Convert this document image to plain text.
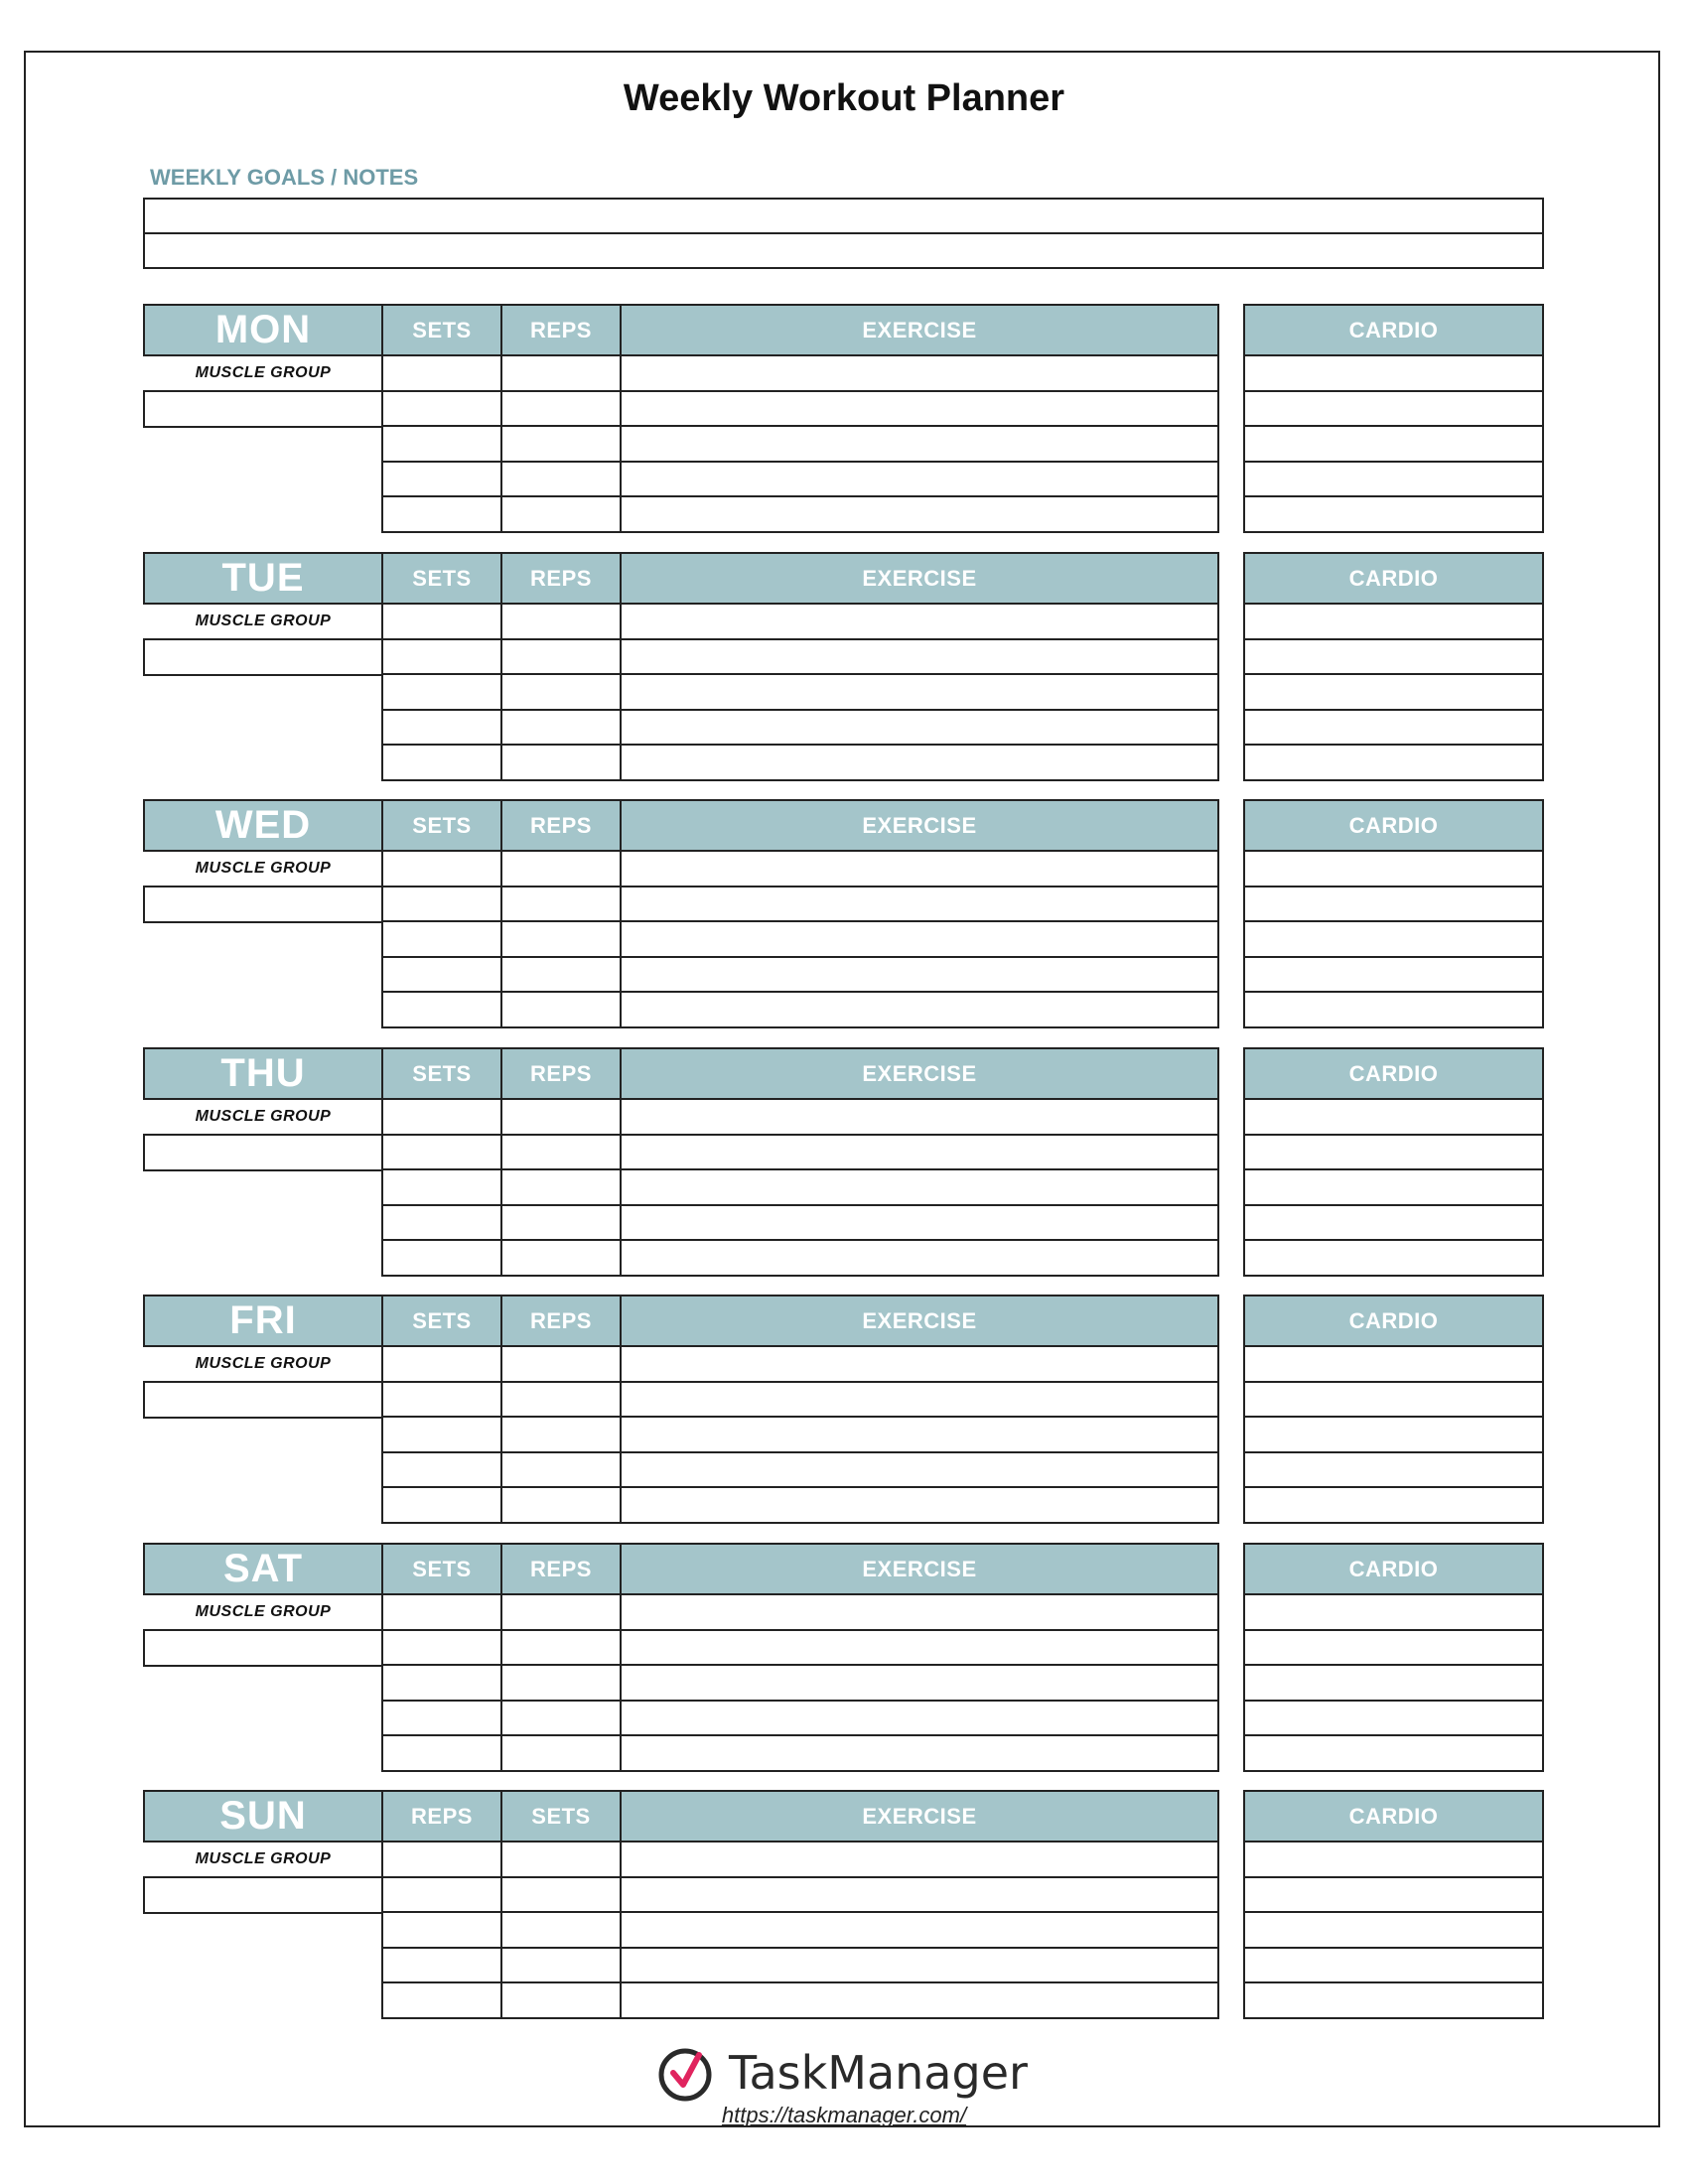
Weekly Workout Planner
WEEKLY GOALS / NOTES
MON	SETS	REPS	EXERCISE	CARDIO
MUSCLE GROUP
TUE	SETS	REPS	EXERCISE	CARDIO
MUSCLE GROUP
WED	SETS	REPS	EXERCISE	CARDIO
MUSCLE GROUP
THU	SETS	REPS	EXERCISE	CARDIO
MUSCLE GROUP
FRI	SETS	REPS	EXERCISE	CARDIO
MUSCLE GROUP
SAT	SETS	REPS	EXERCISE	CARDIO
MUSCLE GROUP
SUN	REPS	SETS	EXERCISE	CARDIO
MUSCLE GROUP
TaskManager
https://taskmanager.com/
